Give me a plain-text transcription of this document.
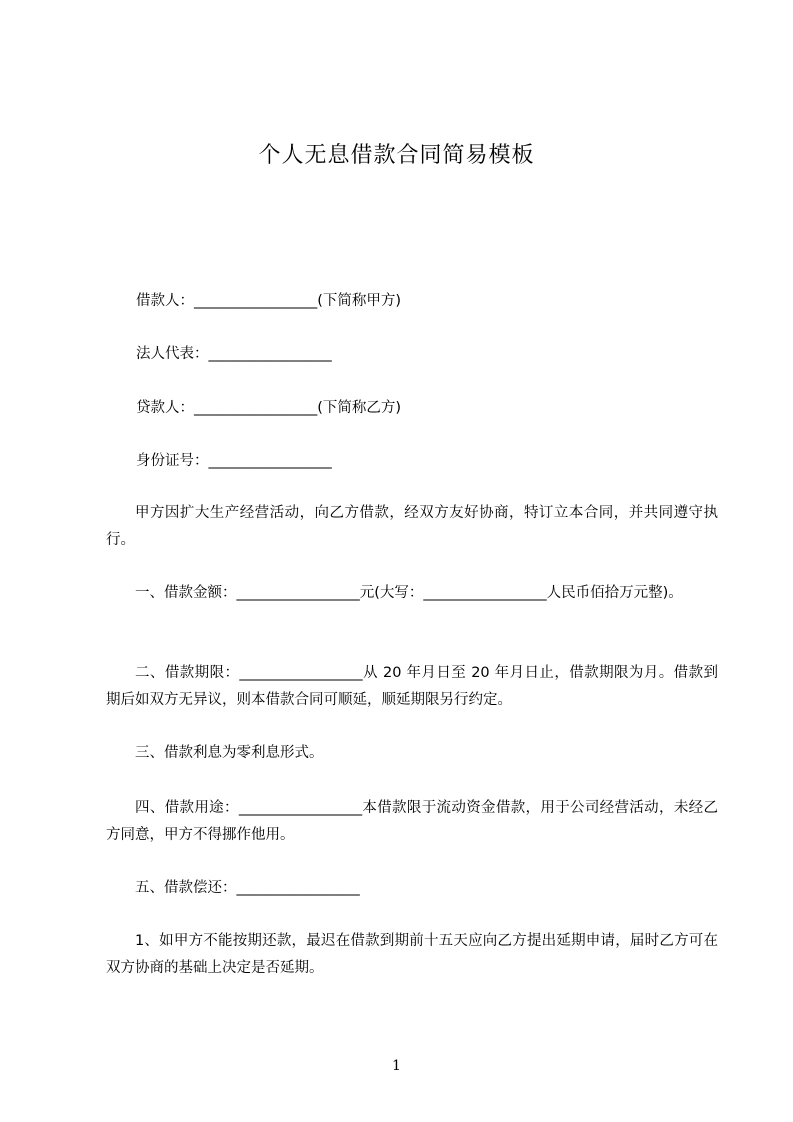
个人无息借款合同简易模板
借款人：_________________(下简称甲方)
法人代表：_________________
贷款人：_________________(下简称乙方)
身份证号：_________________

甲方因扩大生产经营活动，向乙方借款，经双方友好协商，特订立本合同，并共同遵守执行。

一、借款金额：_________________元(大写：_________________人民币佰拾万元整)。

二、借款期限：_________________从 20 年月日至 20 年月日止，借款期限为月。借款到期后如双方无异议，则本借款合同可顺延，顺延期限另行约定。

三、借款利息为零利息形式。

四、借款用途：_________________本借款限于流动资金借款，用于公司经营活动，未经乙方同意，甲方不得挪作他用。

五、借款偿还：_________________

1、如甲方不能按期还款，最迟在借款到期前十五天应向乙方提出延期申请，届时乙方可在双方协商的基础上决定是否延期。

1
